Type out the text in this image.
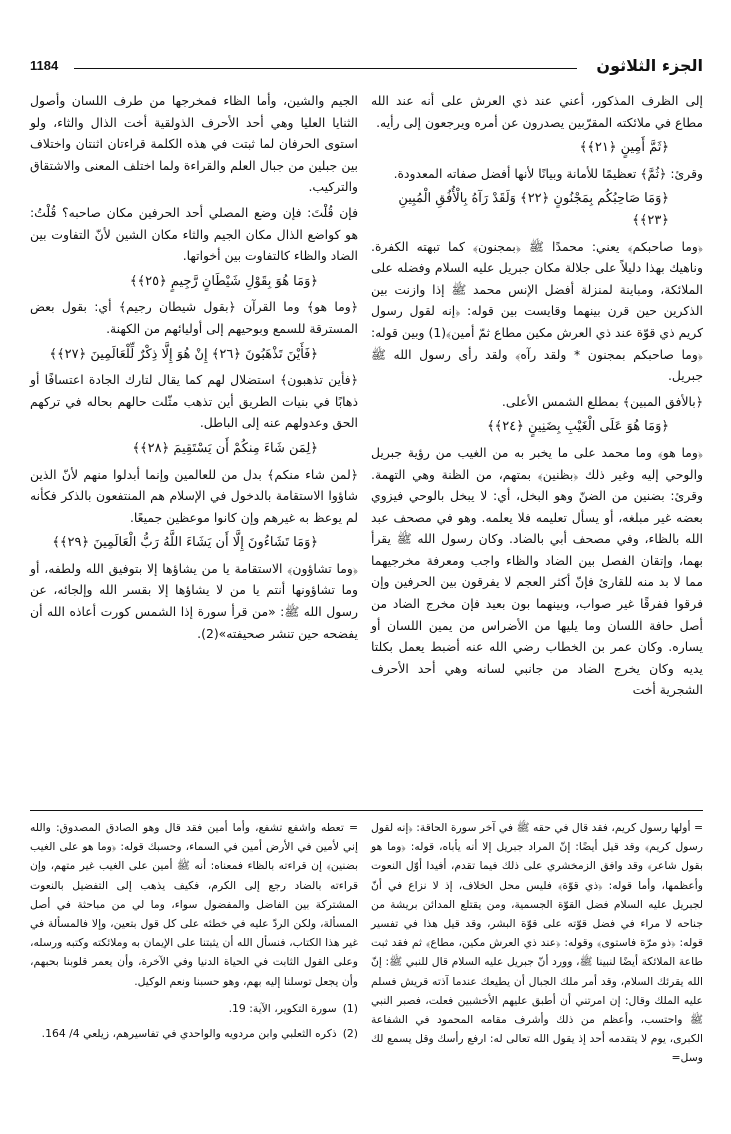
الجزء الثلاثون
1184

إلى الظرف المذكور، أعني عند ذي العرش على أنه عند الله مطاع في ملائكته المقرّبين يصدرون عن أمره ويرجعون إلى رأيه.

﴿ثَمَّ أَمِينٍ ﴿٢١﴾﴾

وقرئ: ﴿ثُمَّ﴾ تعظيمًا للأمانة وبيانًا لأنها أفضل صفاته المعدودة.

﴿وَمَا صَاحِبُكُم بِمَجْنُونٍ ﴿٢٢﴾ وَلَقَدْ رَآهُ بِالْأُفُقِ الْمُبِينِ ﴿٢٣﴾﴾

﴿وما صاحبكم﴾ يعني: محمدًا ﷺ ﴿بمجنون﴾ كما تبهته الكفرة. وناهيك بهذا دليلاً على جلالة مكان جبريل عليه السلام وفضله على الملائكة، ومباينة لمنزلة أفضل الإنس محمد ﷺ إذا وازنت بين الذكرين حين قرن بينهما وقايست بين قوله: ﴿إنه لقول رسول كريم ذي قوّة عند ذي العرش مكين مطاع ثمّ أمين﴾(1) وبين قوله: ﴿وما صاحبكم بمجنون * ولقد رآه﴾ ولقد رأى رسول الله ﷺ جبريل.

﴿بالأفق المبين﴾ بمطلع الشمس الأعلى.

﴿وَمَا هُوَ عَلَى الْغَيْبِ بِضَنِينٍ ﴿٢٤﴾﴾

﴿وما هو﴾ وما محمد على ما يخبر به من الغيب من رؤية جبريل والوحي إليه وغير ذلك ﴿بظنين﴾ بمتهم، من الظنة وهي التهمة. وقرئ: بضنين من الضنّ وهو البخل، أي: لا يبخل بالوحي فيزوي بعضه غير مبلغه، أو يسأل تعليمه فلا يعلمه. وهو في مصحف عبد الله بالظاء، وفي مصحف أبي بالضاد. وكان رسول الله ﷺ يقرأ بهما، وإتقان الفصل بين الضاد والظاء واجب ومعرفة مخرجيهما مما لا بد منه للقارئ فإنّ أكثر العجم لا يفرقون بين الحرفين وإن فرقوا ففرقًا غير صواب، وبينهما بون بعيد فإن مخرج الضاد من أصل حافة اللسان وما يليها من الأضراس من يمين اللسان أو يساره. وكان عمر بن الخطاب رضي الله عنه أضبط يعمل بكلتا يديه وكان يخرج الضاد من جانبي لسانه وهي أحد الأحرف الشجرية أخت

الجيم والشين، وأما الظاء فمخرجها من طرف اللسان وأصول الثنايا العليا وهي أحد الأحرف الذولقية أخت الذال والثاء، ولو استوى الحرفان لما ثبتت في هذه الكلمة قراءتان اثنتان واختلاف بين جبلين من جبال العلم والقراءة ولما اختلف المعنى والاشتقاق والتركيب.

فإن قُلْتَ: فإن وضع المصلي أحد الحرفين مكان صاحبه؟ قُلْتُ: هو كواضع الذال مكان الجيم والثاء مكان الشين لأنّ التفاوت بين الضاد والظاء كالتفاوت بين أخواتها.

﴿وَمَا هُوَ بِقَوْلِ شَيْطَانٍ رَّجِيمٍ ﴿٢٥﴾﴾

﴿وما هو﴾ وما القرآن ﴿بقول شيطان رجيم﴾ أي: بقول بعض المسترقة للسمع وبوحيهم إلى أوليائهم من الكهنة.

﴿فَأَيْنَ تَذْهَبُونَ ﴿٢٦﴾ إِنْ هُوَ إِلَّا ذِكْرٌ لِّلْعَالَمِينَ ﴿٢٧﴾﴾

﴿فأين تذهبون﴾ استضلال لهم كما يقال لتارك الجادة اعتسافًا أو ذهابًا في بنيات الطريق أين تذهب مثّلت حالهم بحاله في تركهم الحق وعدولهم عنه إلى الباطل.

﴿لِمَن شَاءَ مِنكُمْ أَن يَسْتَقِيمَ ﴿٢٨﴾﴾

﴿لمن شاء منكم﴾ بدل من للعالمين وإنما أبدلوا منهم لأنّ الذين شاؤوا الاستقامة بالدخول في الإسلام هم المنتفعون بالذكر فكأنه لم يوعظ به غيرهم وإن كانوا موعظين جميعًا.

﴿وَمَا تَشَاءُونَ إِلَّا أَن يَشَاءَ اللَّهُ رَبُّ الْعَالَمِينَ ﴿٢٩﴾﴾

﴿وما تشاؤون﴾ الاستقامة يا من يشاؤها إلا بتوفيق الله ولطفه، أو وما تشاؤونها أنتم يا من لا يشاؤها إلا بقسر الله وإلجائه، عن رسول الله ﷺ: «من قرأ سورة إذا الشمس كورت أعاذه الله أن يفضحه حين تنشر صحيفته»(2).

= أولها رسول كريم، فقد قال في حقه ﷺ في آخر سورة الحاقة: ﴿إنه لقول رسول كريم﴾ وقد قيل أيضًا: إنّ المراد جبريل إلا أنه يأباه، قوله: ﴿وما هو بقول شاعر﴾ وقد وافق الزمخشري على ذلك فيما تقدم، أفيدا أوّل النعوت وأعظمها، وأما قوله: ﴿ذي قوّة﴾ فليس محل الخلاف، إذ لا نزاع في أنّ لجبريل عليه السلام فضل القوّة الجسمية، ومن يقتلع المدائن بريشة من جناحه لا مراء في فضل قوّته على قوّة البشر، وقد قيل هذا في تفسير قوله: ﴿ذو مرّة فاستوى﴾ وقوله: ﴿عند ذي العرش مكين، مطاع﴾ ثم فقد ثبت طاعة الملائكة أيضًا لنبينا ﷺ، وورد أنّ جبريل عليه السلام قال للنبي ﷺ: إنّ الله يقرئك السلام، وقد أمر ملك الجبال أن يطيعك عندما آذته قريش فسلم عليه الملك وقال: إن امرتني أن أطبق عليهم الأخشبين فعلت، فصبر النبي ﷺ واحتسب، وأعظم من ذلك وأشرف مقامه المحمود في الشفاعة الكبرى، يوم لا يتقدمه أحد إذ يقول الله تعالى له: ارفع رأسك وقل يسمع لك وسل=

= تعطه واشفع تشفع، وأما أمين فقد قال وهو الصادق المصدوق: والله إني لأمين في الأرض أمين في السماء، وحسبك قوله: ﴿وما هو على الغيب بضنين﴾ إن قراءته بالظاء فمعناه: أنه ﷺ أمين على الغيب غير متهم، وإن قراءته بالضاد رجع إلى الكرم، فكيف يذهب إلى التفضيل بالنعوت المشتركة بين الفاضل والمفضول سواء، وما لي من مباحثة في أصل المسألة، ولكن الردّ عليه في خطئه على كل قول بتعين، وإلا فالمسألة في غير هذا الكتاب، فنسأل الله أن يثبتنا على الإيمان به وملائكته وكتبه ورسله، وعلى القول الثابت في الحياة الدنيا وفي الآخرة، وأن يعمر قلوبنا بحبهم، وأن يجعل توسلنا إليه بهم، وهو حسبنا ونعم الوكيل.

(1)
سورة التكوير، الآية: 19.
(2)
ذكره الثعلبي وابن مردويه والواحدي في تفاسيرهم، زيلعي 4/ 164.
